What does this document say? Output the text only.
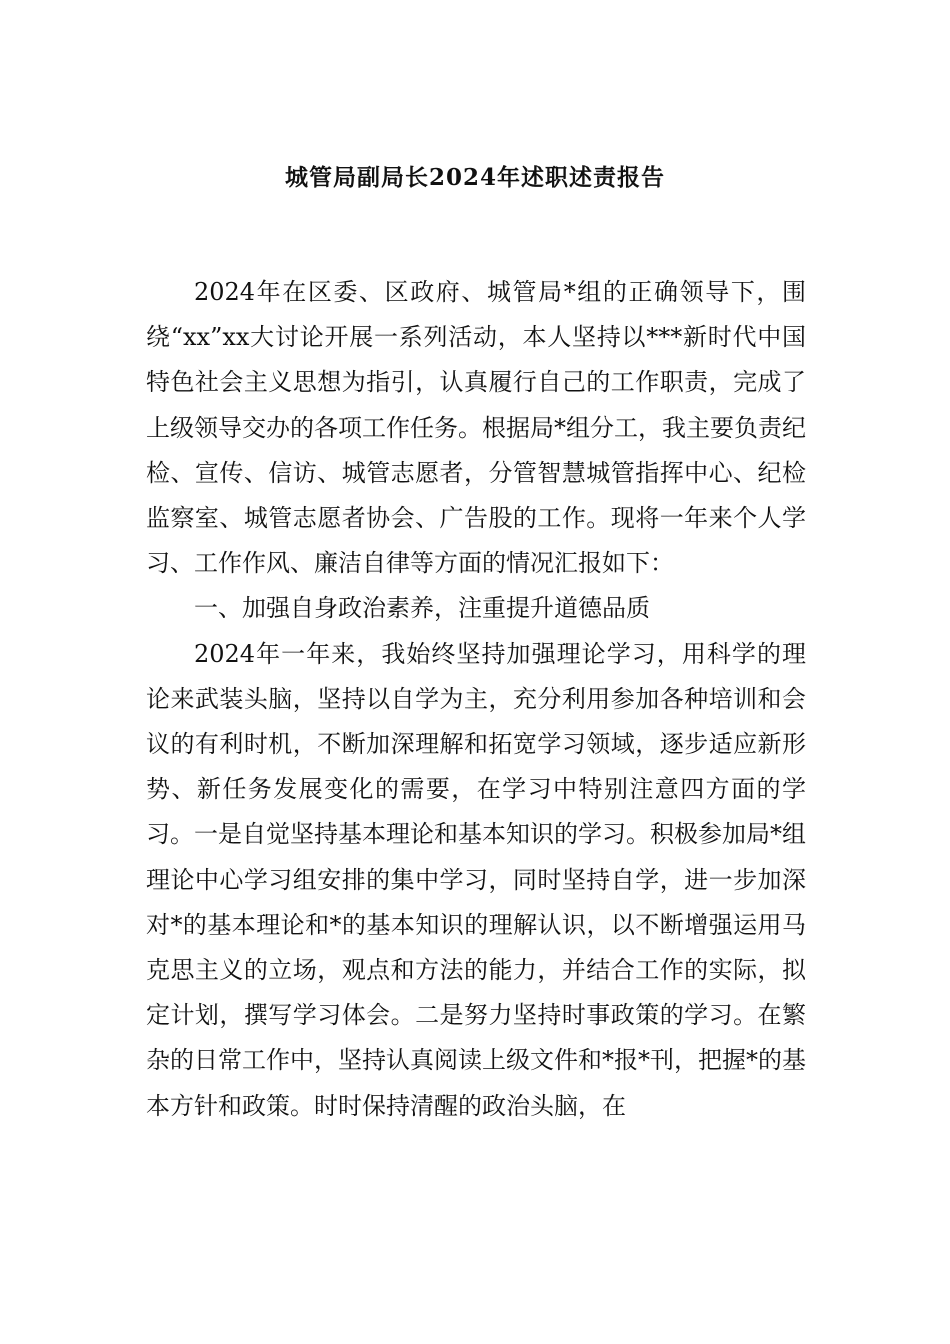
城管局副局长2024年述职述责报告

2024年在区委、区政府、城管局*组的正确领导下，围绕“xx”xx大讨论开展一系列活动，本人坚持以***新时代中国特色社会主义思想为指引，认真履行自己的工作职责，完成了上级领导交办的各项工作任务。根据局*组分工，我主要负责纪检、宣传、信访、城管志愿者，分管智慧城管指挥中心、纪检监察室、城管志愿者协会、广告股的工作。现将一年来个人学习、工作作风、廉洁自律等方面的情况汇报如下：

一、加强自身政治素养，注重提升道德品质

2024年一年来，我始终坚持加强理论学习，用科学的理论来武装头脑，坚持以自学为主，充分利用参加各种培训和会议的有利时机，不断加深理解和拓宽学习领域，逐步适应新形势、新任务发展变化的需要，在学习中特别注意四方面的学习。一是自觉坚持基本理论和基本知识的学习。积极参加局*组理论中心学习组安排的集中学习，同时坚持自学，进一步加深对*的基本理论和*的基本知识的理解认识，以不断增强运用马克思主义的立场，观点和方法的能力，并结合工作的实际，拟定计划，撰写学习体会。二是努力坚持时事政策的学习。在繁杂的日常工作中，坚持认真阅读上级文件和*报*刊，把握*的基本方针和政策。时时保持清醒的政治头脑，在
